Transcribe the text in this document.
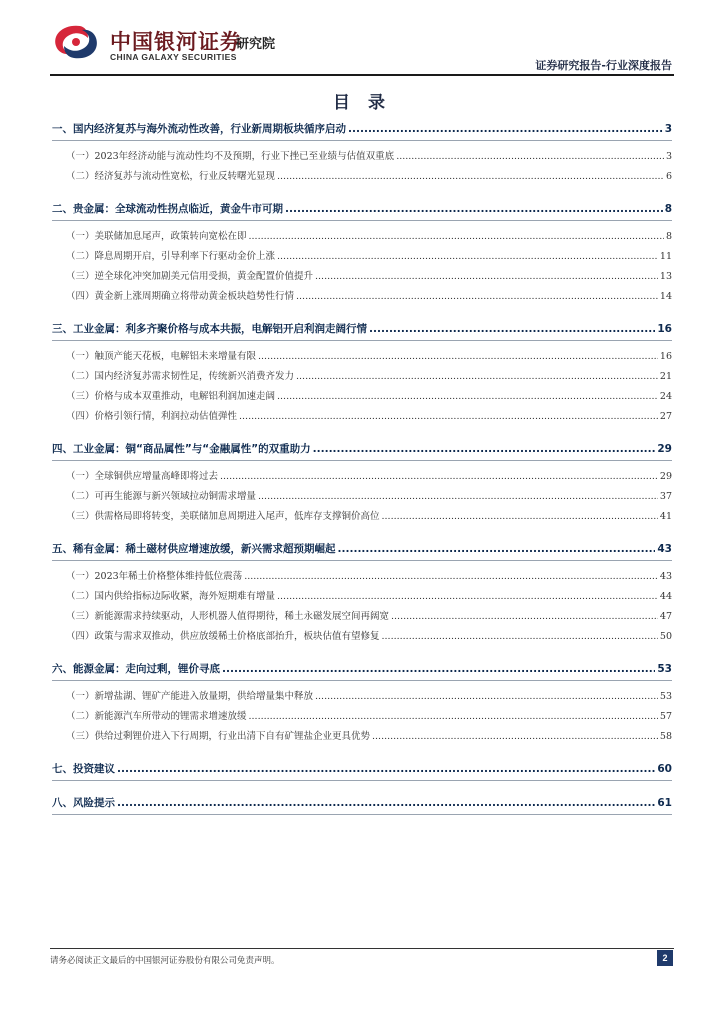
中国银河证券
研究院
CHINA GALAXY SECURITIES
证券研究报告-行业深度报告
目 录
一、国内经济复苏与海外流动性改善，行业新周期板块循序启动 .....	3
（一）2023年经济动能与流动性均不及预期，行业下挫已至业绩与估值双重底 .....	3
（二）经济复苏与流动性宽松，行业反转曙光显现 .....	6
二、贵金属：全球流动性拐点临近，黄金牛市可期 .....	8
（一）美联储加息尾声，政策转向宽松在即 .....	8
（二）降息周期开启，引导利率下行驱动金价上涨 .....	11
（三）逆全球化冲突加剧美元信用受损，黄金配置价值提升 .....	13
（四）黄金新上涨周期确立将带动黄金板块趋势性行情 .....	14
三、工业金属：利多齐聚价格与成本共振，电解铝开启利润走阔行情 .....	16
（一）触顶产能天花板，电解铝未来增量有限 .....	16
（二）国内经济复苏需求韧性足，传统新兴消费齐发力 .....	21
（三）价格与成本双重推动，电解铝利润加速走阔 .....	24
（四）价格引领行情，利润拉动估值弹性 .....	27
四、工业金属：铜“商品属性”与“金融属性”的双重助力 .....	29
（一）全球铜供应增量高峰即将过去 .....	29
（二）可再生能源与新兴领域拉动铜需求增量 .....	37
（三）供需格局即将转变，美联储加息周期进入尾声，低库存支撑铜价高位 .....	41
五、稀有金属：稀土磁材供应增速放缓，新兴需求超预期崛起 .....	43
（一）2023年稀土价格整体维持低位震荡 .....	43
（二）国内供给指标边际收紧，海外短期难有增量 .....	44
（三）新能源需求持续驱动，人形机器人值得期待，稀土永磁发展空间再阔宽 .....	47
（四）政策与需求双推动，供应放缓稀土价格底部抬升，板块估值有望修复 .....	50
六、能源金属：走向过剩，锂价寻底 .....	53
（一）新增盐湖、锂矿产能进入放量期，供给增量集中释放 .....	53
（二）新能源汽车所带动的锂需求增速放缓 .....	57
（三）供给过剩锂价进入下行周期，行业出清下自有矿锂盐企业更具优势 .....	58
七、投资建议 .....	60
八、风险提示 .....	61
请务必阅读正文最后的中国银河证券股份有限公司免责声明。	2
